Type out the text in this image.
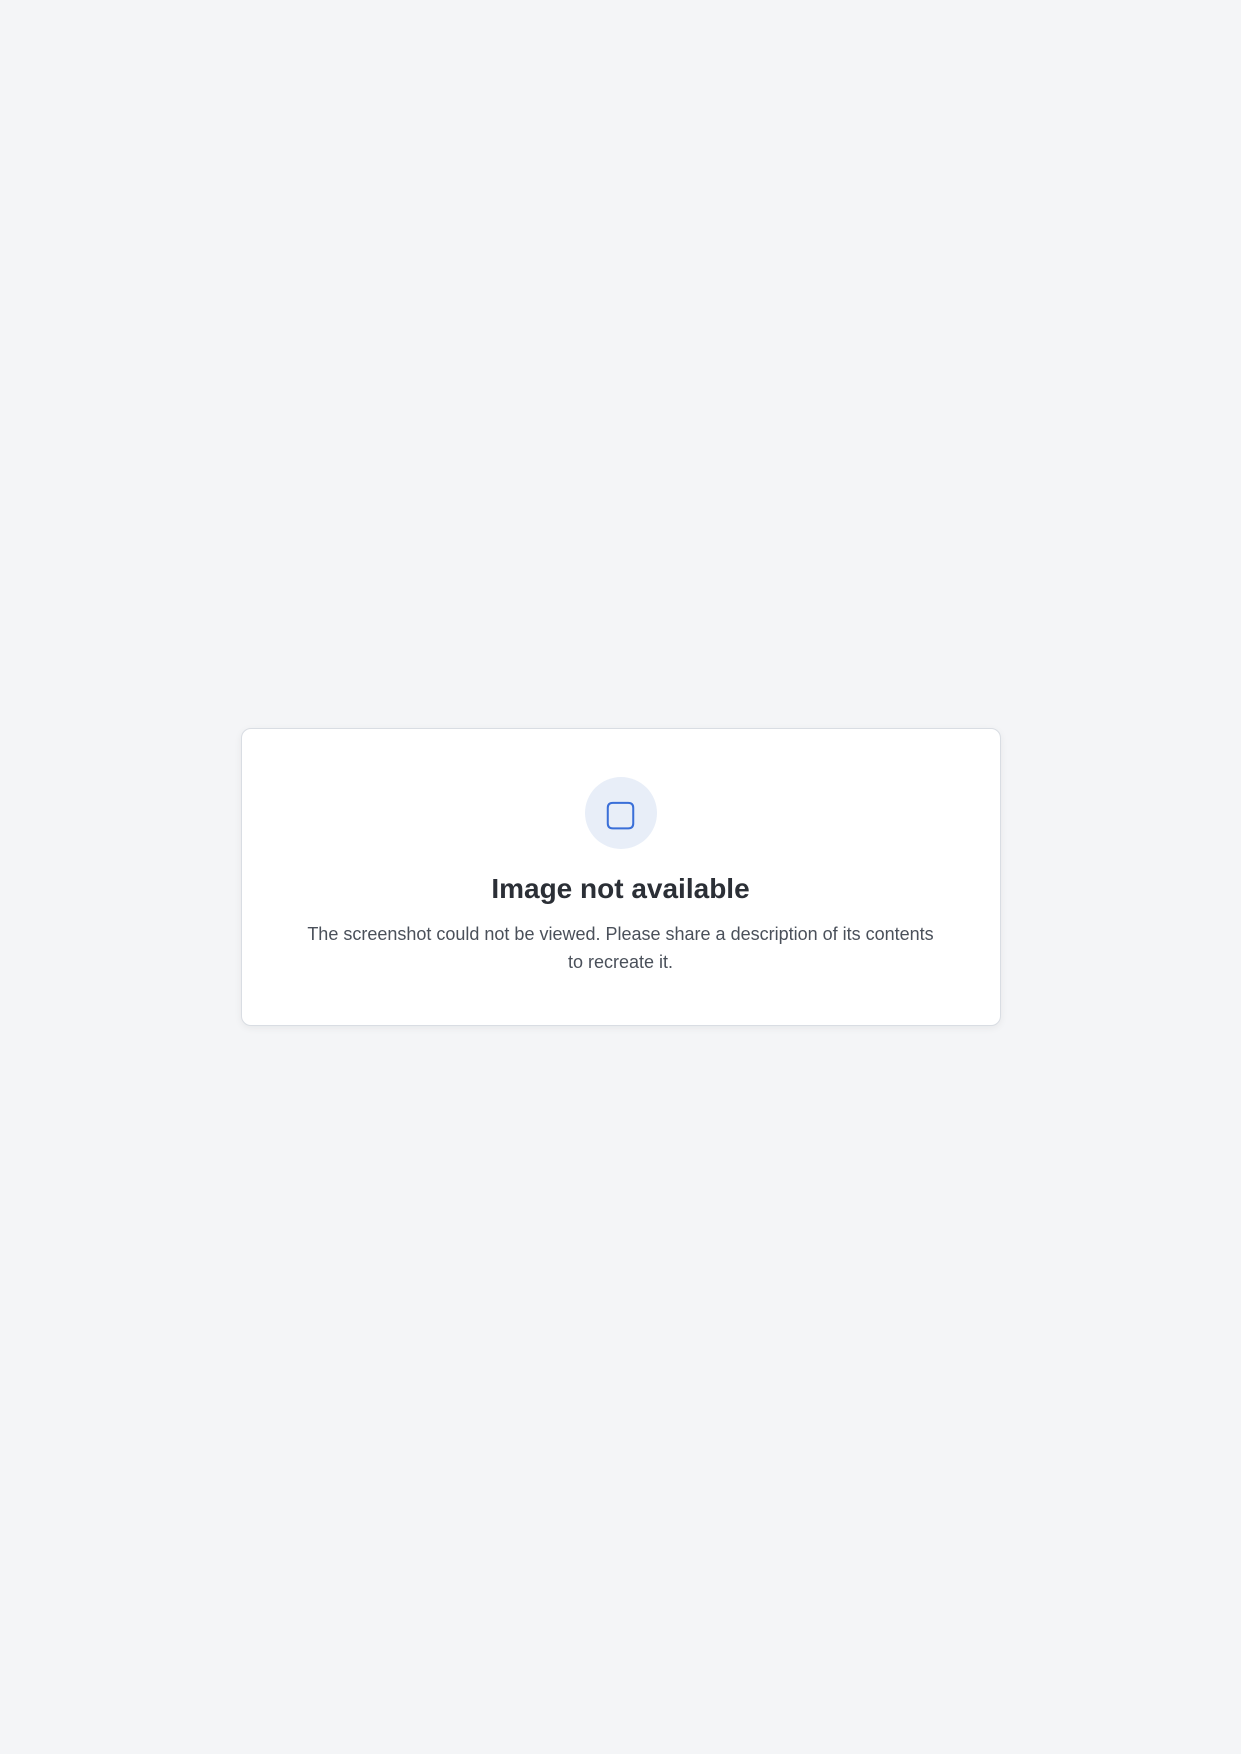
▢
Image not available

The screenshot could not be viewed. Please share a description of its contents to recreate it.
